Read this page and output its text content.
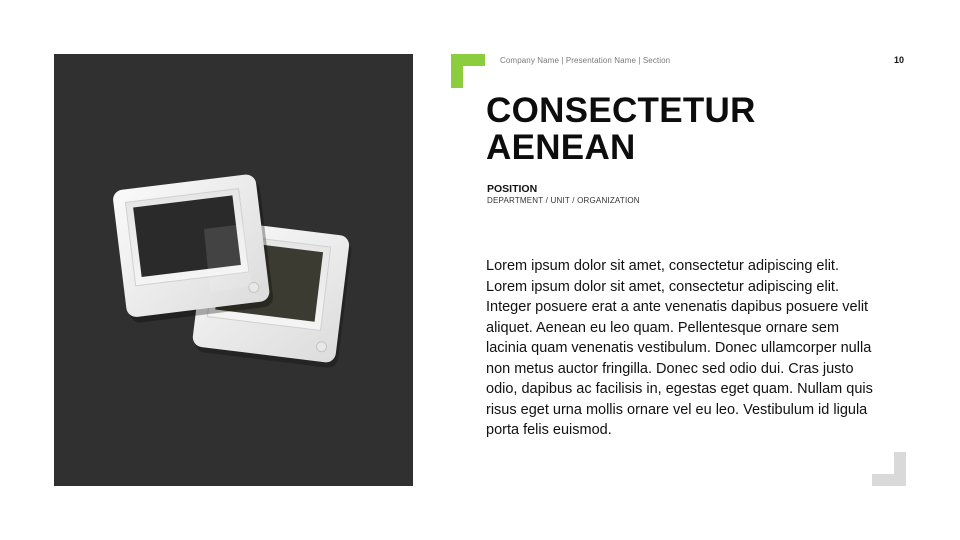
Company Name | Presentation Name | Section	10
CONSECTETUR
AENEAN
POSITION
DEPARTMENT / UNIT / ORGANIZATION
Lorem ipsum dolor sit amet, consectetur adipiscing elit. Lorem ipsum dolor sit amet, consectetur adipiscing elit. Integer posuere erat a ante venenatis dapibus posuere velit aliquet. Aenean eu leo quam. Pellentesque ornare sem lacinia quam venenatis vestibulum. Donec ullamcorper nulla non metus auctor fringilla. Donec sed odio dui. Cras justo odio, dapibus ac facilisis in, egestas eget quam. Nullam quis risus eget urna mollis ornare vel eu leo. Vestibulum id ligula porta felis euismod.
